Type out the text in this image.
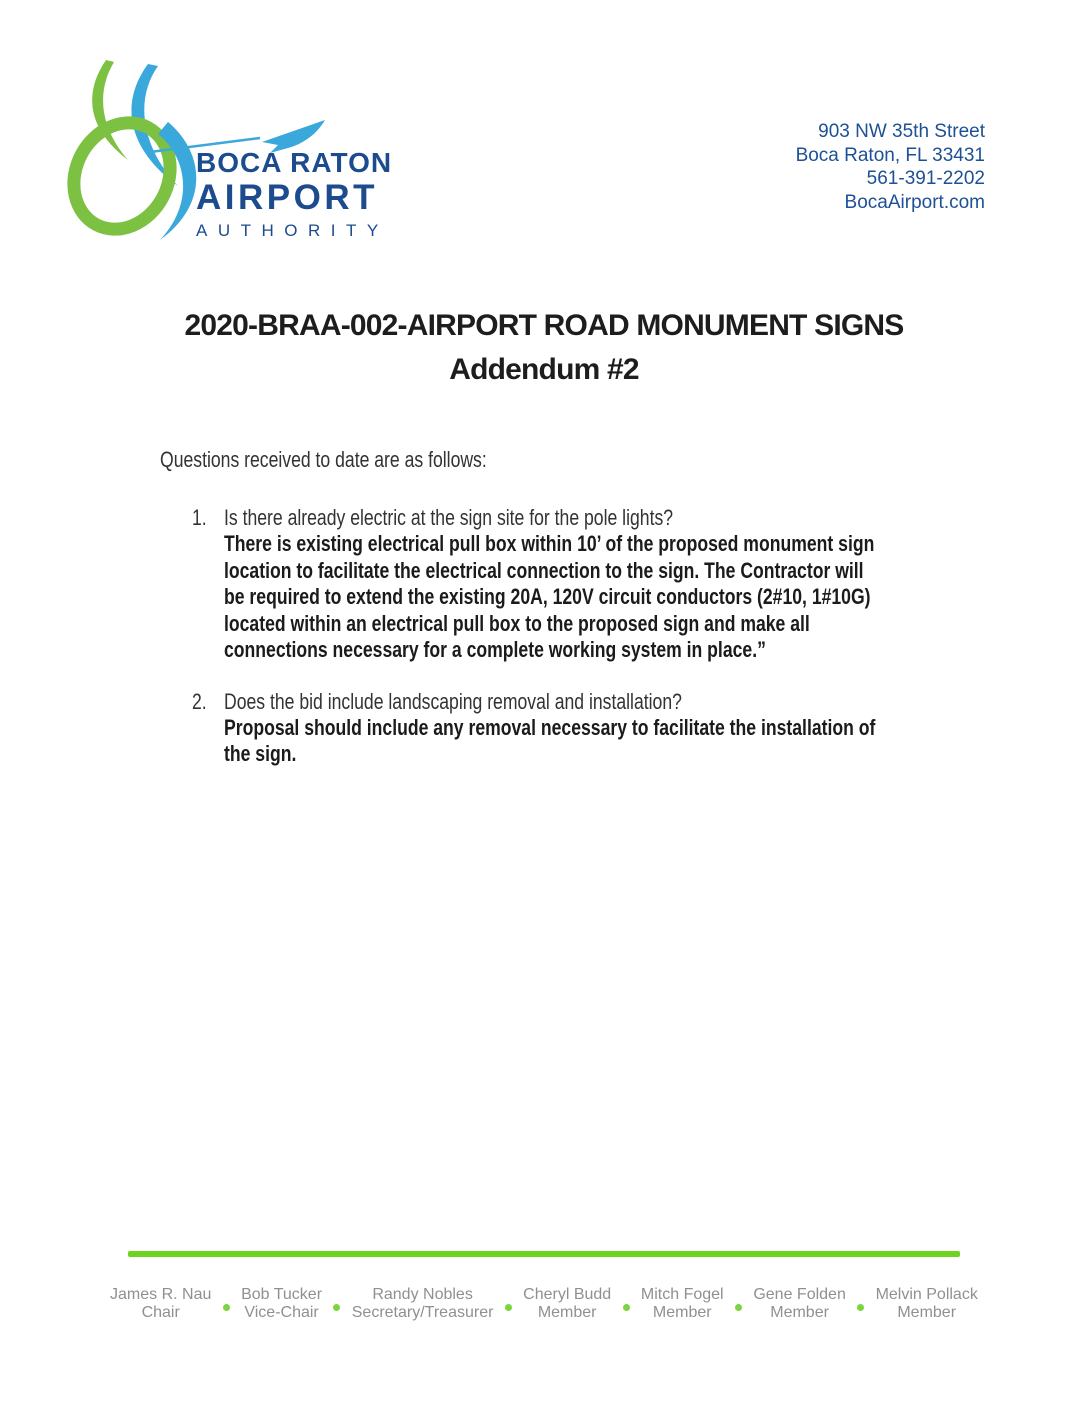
BOCA RATON
AIRPORT
AUTHORITY
903 NW 35th Street
Boca Raton, FL 33431
561-391-2202
BocaAirport.com
2020-BRAA-002-AIRPORT ROAD MONUMENT SIGNS
Addendum #2
Questions received to date are as follows:
1. Is there already electric at the sign site for the pole lights?
There is existing electrical pull box within 10’ of the proposed monument sign
location to facilitate the electrical connection to the sign. The Contractor will
be required to extend the existing 20A, 120V circuit conductors (2#10, 1#10G)
located within an electrical pull box to the proposed sign and make all
connections necessary for a complete working system in place.”
2. Does the bid include landscaping removal and installation?
Proposal should include any removal necessary to facilitate the installation of
the sign.
James R. Nau
Chair
Bob Tucker
Vice-Chair
Randy Nobles
Secretary/Treasurer
Cheryl Budd
Member
Mitch Fogel
Member
Gene Folden
Member
Melvin Pollack
Member
